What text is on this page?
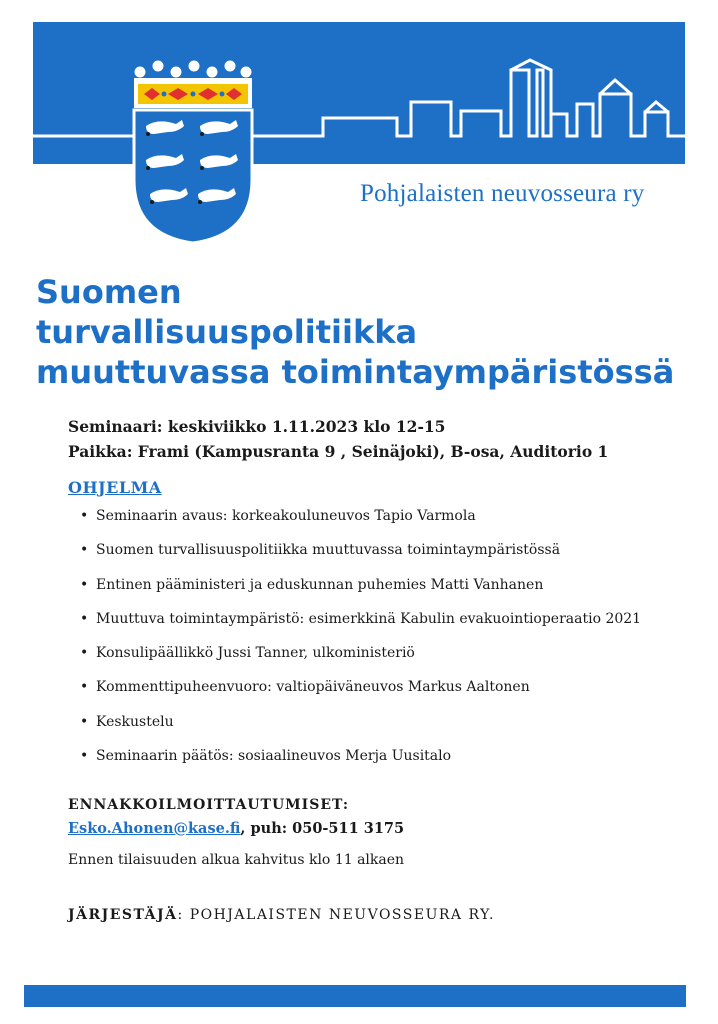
Pohjalaisten neuvosseura ry
Suomen
turvallisuuspolitiikka
muuttuvassa toimintaympäristössä
Seminaari: keskiviikko 1.11.2023 klo 12-15
Paikka: Frami (Kampusranta 9 , Seinäjoki), B-osa, Auditorio 1
OHJELMA
• Seminaarin avaus: korkeakouluneuvos Tapio Varmola
• Suomen turvallisuuspolitiikka muuttuvassa toimintaympäristössä
• Entinen pääministeri ja eduskunnan puhemies Matti Vanhanen
• Muuttuva toimintaympäristö: esimerkkinä Kabulin evakuointioperaatio 2021
• Konsulipäällikkö Jussi Tanner, ulkoministeriö
• Kommenttipuheenvuoro: valtiopäiväneuvos Markus Aaltonen
• Keskustelu
• Seminaarin päätös: sosiaalineuvos Merja Uusitalo
ENNAKKOILMOITTAUTUMISET:
Esko.Ahonen@kase.fi, puh: 050-511 3175
Ennen tilaisuuden alkua kahvitus klo 11 alkaen
JÄRJESTÄJÄ: POHJALAISTEN NEUVOSSEURA RY.
